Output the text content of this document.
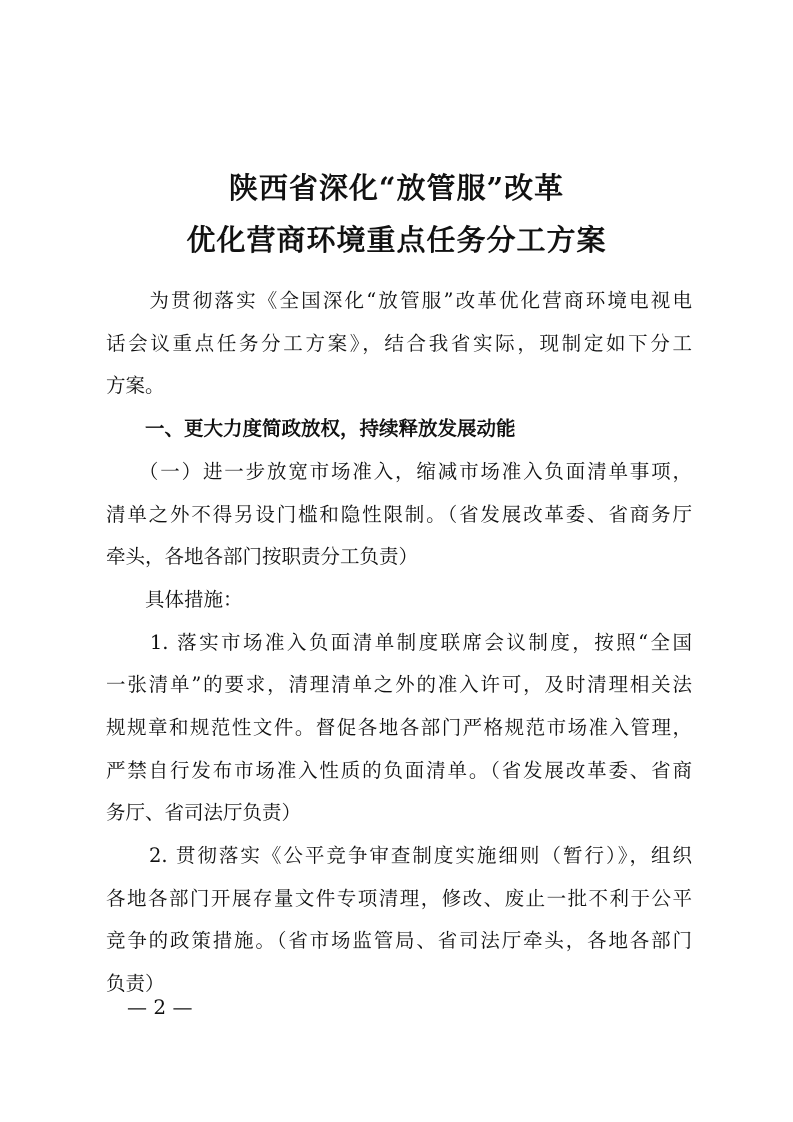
陕西省深化“放管服”改革
优化营商环境重点任务分工方案
　　为贯彻落实《全国深化“放管服”改革优化营商环境电视电
话会议重点任务分工方案》，结合我省实际，现制定如下分工
方案。
　　一、更大力度简政放权，持续释放发展动能
　　（一）进一步放宽市场准入，缩减市场准入负面清单事项，
清单之外不得另设门槛和隐性限制。（省发展改革委、省商务厅
牵头，各地各部门按职责分工负责）
　　具体措施：
　　1. 落实市场准入负面清单制度联席会议制度，按照“全国
一张清单”的要求，清理清单之外的准入许可，及时清理相关法
规规章和规范性文件。督促各地各部门严格规范市场准入管理，
严禁自行发布市场准入性质的负面清单。（省发展改革委、省商
务厅、省司法厅负责）
　　2. 贯彻落实《公平竞争审查制度实施细则（暂行）》，组织
各地各部门开展存量文件专项清理，修改、废止一批不利于公平
竞争的政策措施。（省市场监管局、省司法厅牵头，各地各部门
负责）
— 2 —
